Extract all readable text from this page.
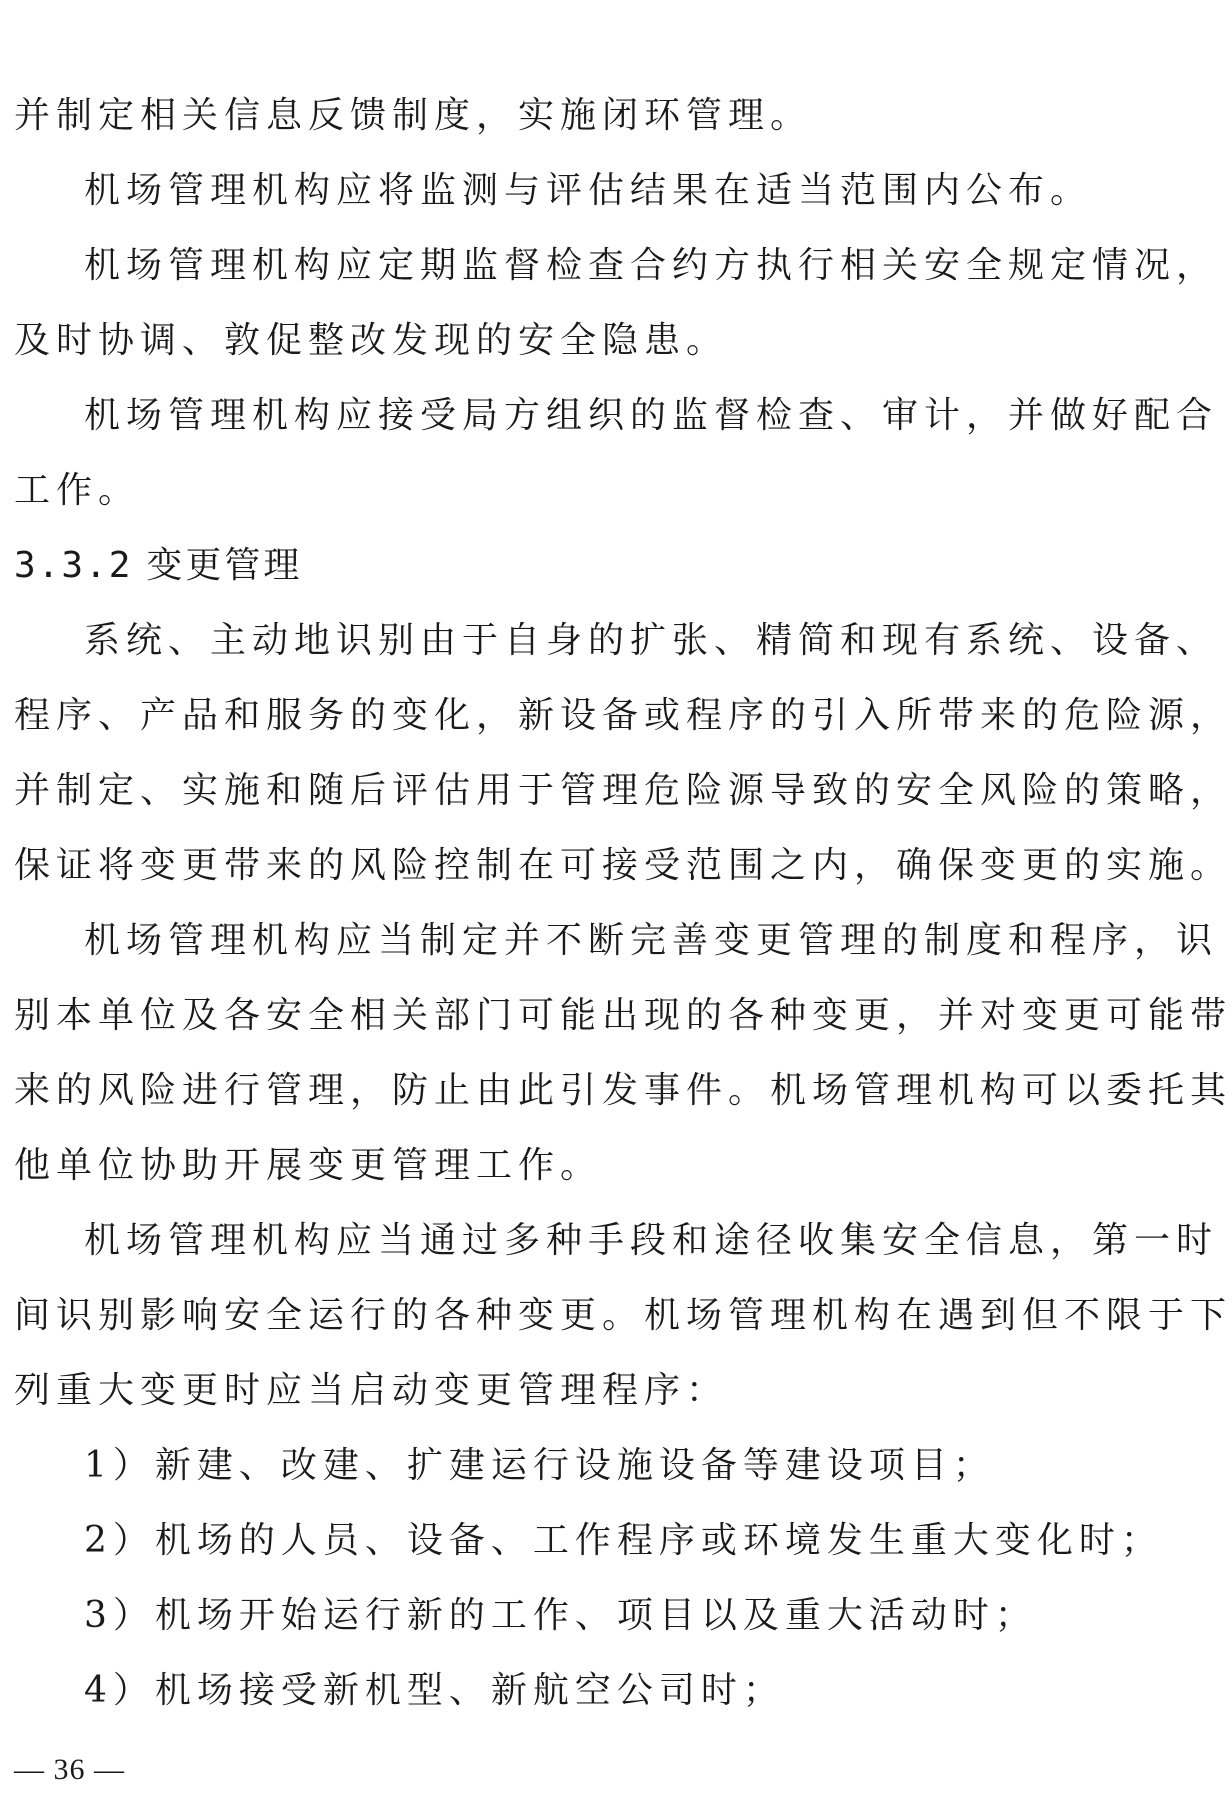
并制定相关信息反馈制度，实施闭环管理。
机场管理机构应将监测与评估结果在适当范围内公布。
机场管理机构应定期监督检查合约方执行相关安全规定情况，
及时协调、敦促整改发现的安全隐患。
机场管理机构应接受局方组织的监督检查、审计，并做好配合
工作。
3.3.2 变更管理
系统、主动地识别由于自身的扩张、精简和现有系统、设备、
程序、产品和服务的变化，新设备或程序的引入所带来的危险源，
并制定、实施和随后评估用于管理危险源导致的安全风险的策略，
保证将变更带来的风险控制在可接受范围之内，确保变更的实施。
机场管理机构应当制定并不断完善变更管理的制度和程序，识
别本单位及各安全相关部门可能出现的各种变更，并对变更可能带
来的风险进行管理，防止由此引发事件。机场管理机构可以委托其
他单位协助开展变更管理工作。
机场管理机构应当通过多种手段和途径收集安全信息，第一时
间识别影响安全运行的各种变更。机场管理机构在遇到但不限于下
列重大变更时应当启动变更管理程序：
1）新建、改建、扩建运行设施设备等建设项目；
2）机场的人员、设备、工作程序或环境发生重大变化时；
3）机场开始运行新的工作、项目以及重大活动时；
4）机场接受新机型、新航空公司时；
— 36 —
